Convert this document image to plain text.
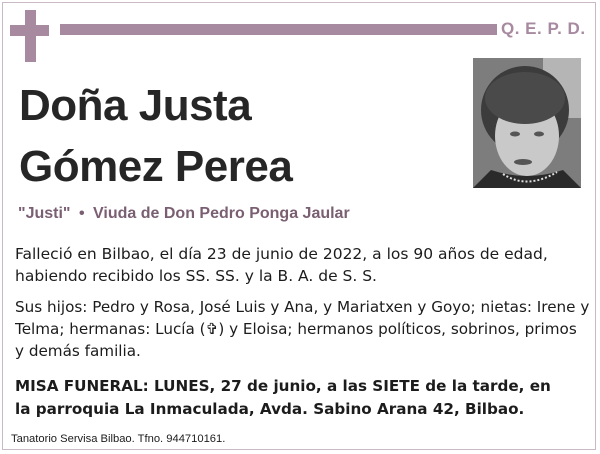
Q. E. P. D.
Doña Justa
Gómez Perea
"Justi" • Viuda de Don Pedro Ponga Jaular
Falleció en Bilbao, el día 23 de junio de 2022, a los 90 años de edad,
habiendo recibido los SS. SS. y la B. A. de S. S.
Sus hijos: Pedro y Rosa, José Luis y Ana, y Mariatxen y Goyo; nietas: Irene y
Telma; hermanas: Lucía (✞) y Eloisa; hermanos políticos, sobrinos, primos
y demás familia.
MISA FUNERAL: LUNES, 27 de junio, a las SIETE de la tarde, en
la parroquia La Inmaculada, Avda. Sabino Arana 42, Bilbao.
Tanatorio Servisa Bilbao. Tfno. 944710161.
